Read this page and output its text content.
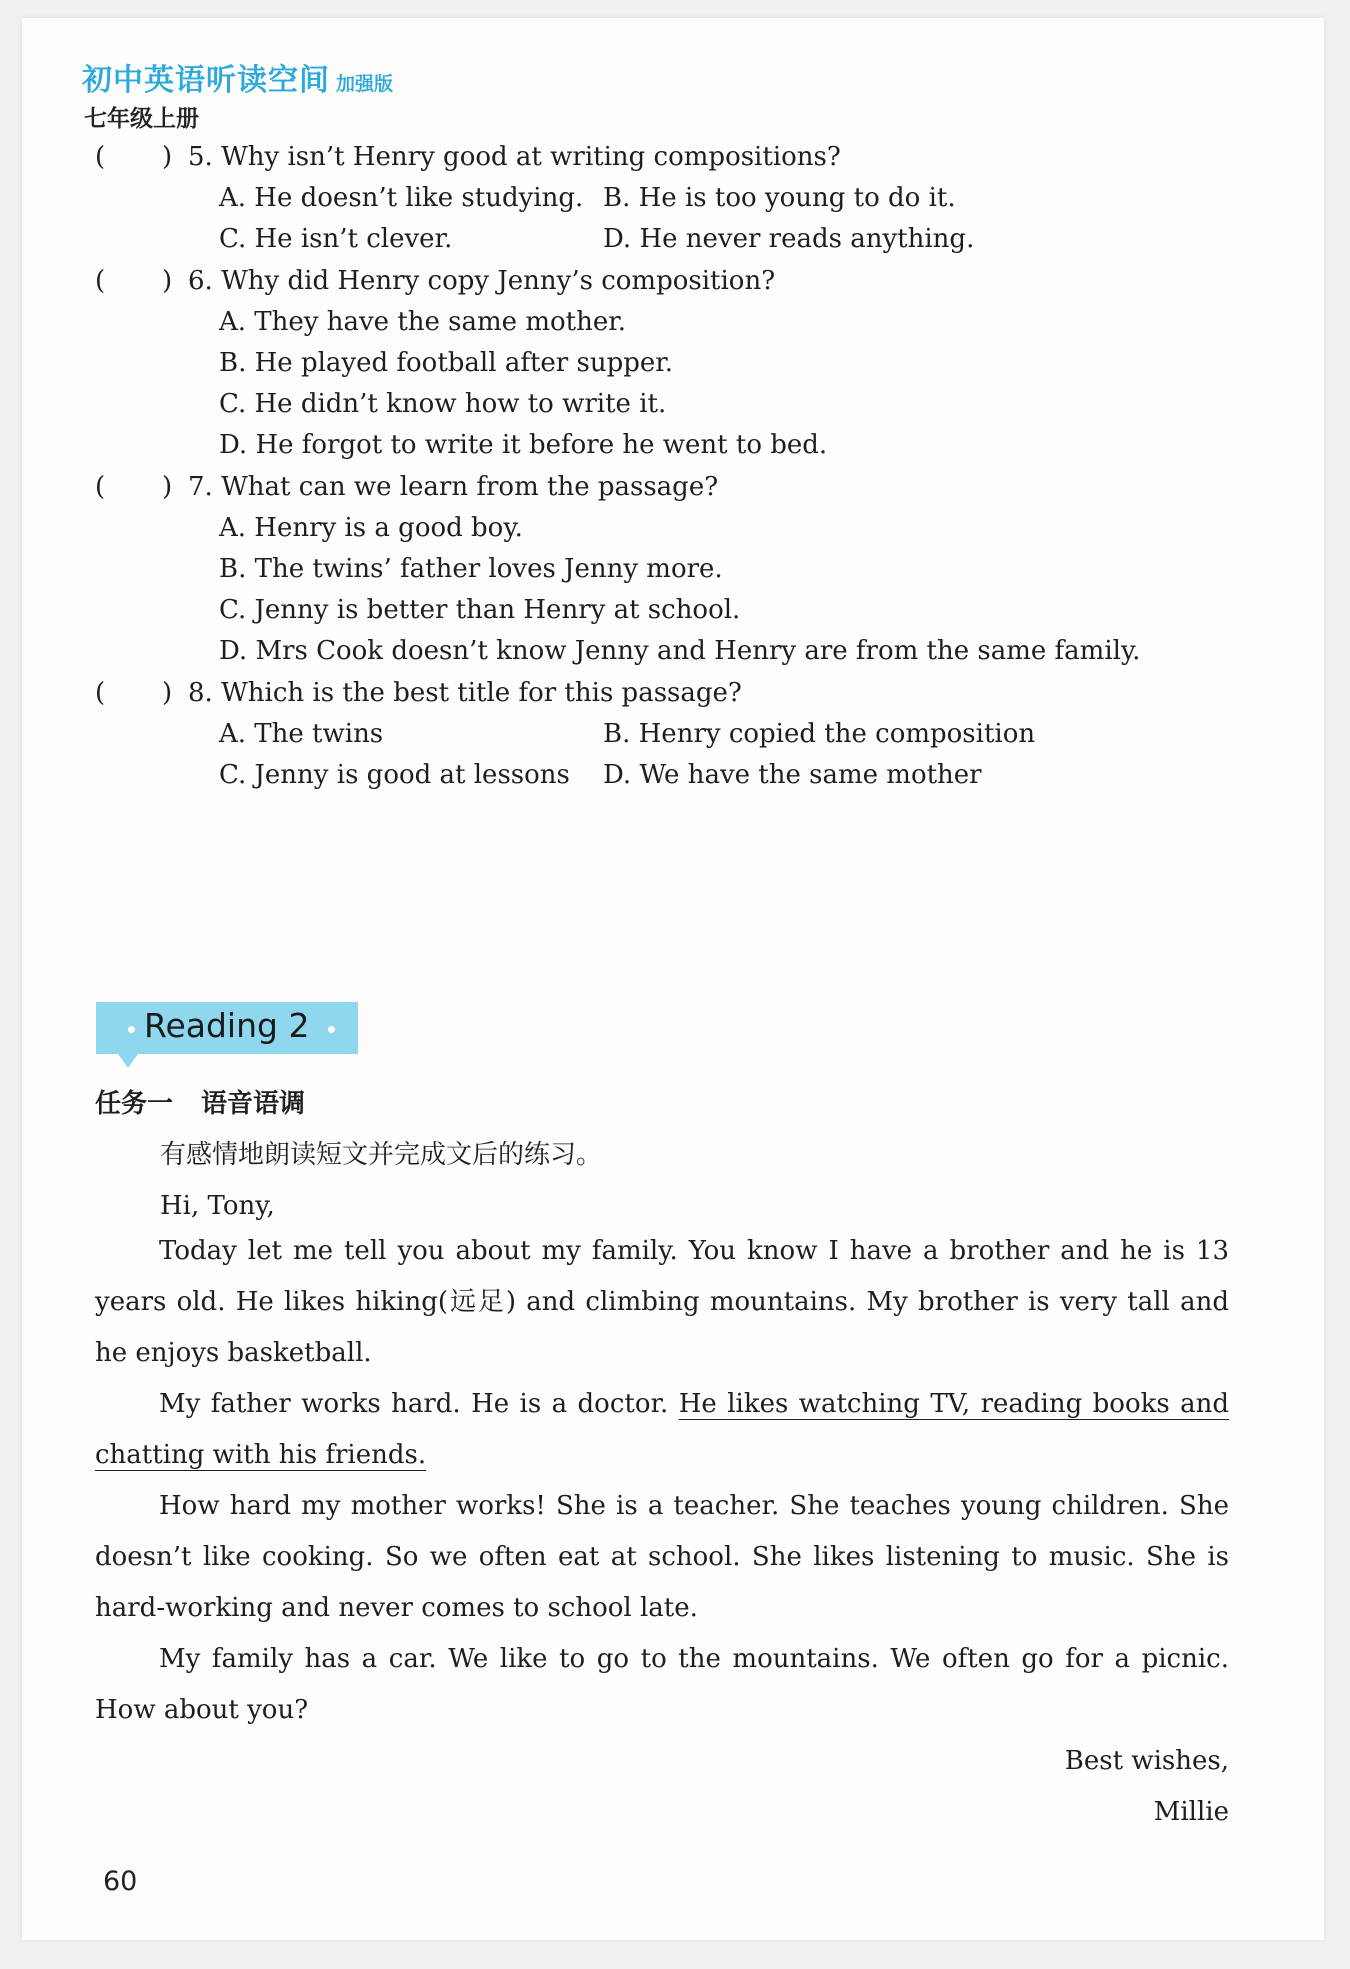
初中英语听读空间 加强版
七年级上册
( ) 5. Why isn’t Henry good at writing compositions?
A. He doesn’t like studying. B. He is too young to do it.
C. He isn’t clever.	D. He never reads anything.
( ) 6. Why did Henry copy Jenny’s composition?
A. They have the same mother.
B. He played football after supper.
C. He didn’t know how to write it.
D. He forgot to write it before he went to bed.
( ) 7. What can we learn from the passage?
A. Henry is a good boy.
B. The twins’ father loves Jenny more.
C. Jenny is better than Henry at school.
D. Mrs Cook doesn’t know Jenny and Henry are from the same family.
( ) 8. Which is the best title for this passage?
A. The twins	B. Henry copied the composition
C. Jenny is good at lessons D. We have the same mother
Reading 2
任务一 语音语调
有感情地朗读短文并完成文后的练习。
Hi, Tony,
Today let me tell you about my family. You know I have a brother and he is 13 years old. He likes hiking(远足) and climbing mountains. My brother is very tall and he enjoys basketball.
My father works hard. He is a doctor. He likes watching TV, reading books and chatting with his friends.
How hard my mother works! She is a teacher. She teaches young children. She doesn’t like cooking. So we often eat at school. She likes listening to music. She is hard-working and never comes to school late.
My family has a car. We like to go to the mountains. We often go for a picnic. How about you?
Best wishes,
Millie
60
